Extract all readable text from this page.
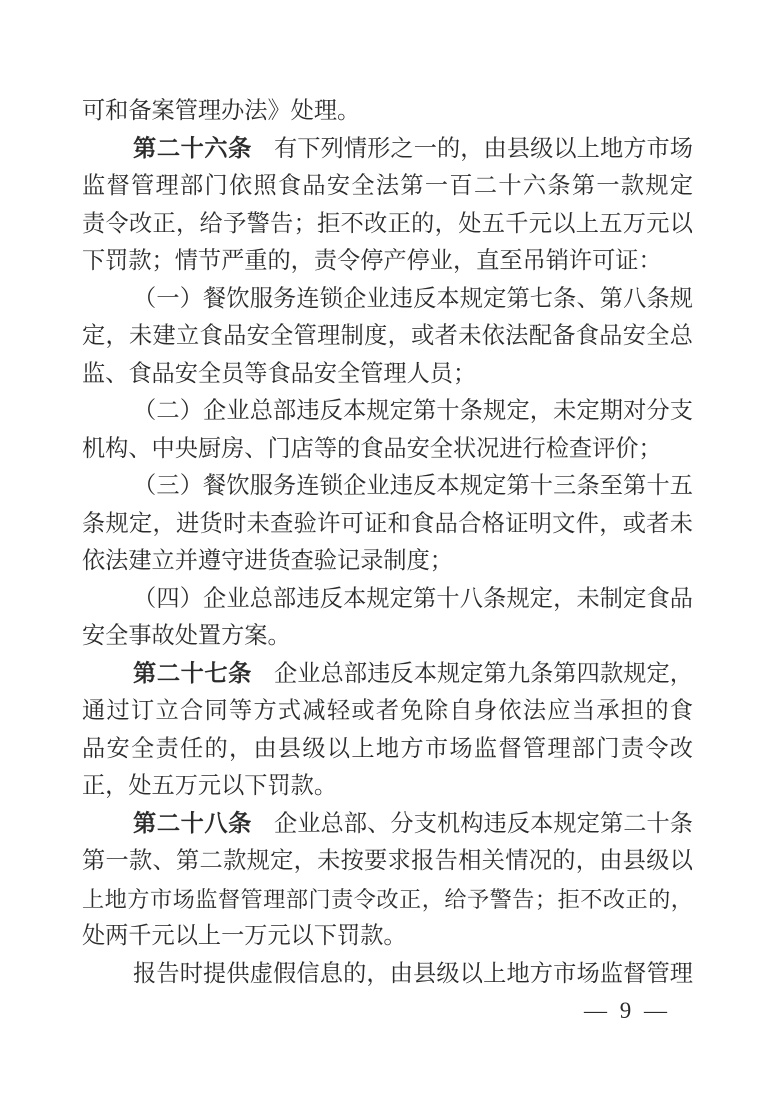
可和备案管理办法》处理。
第二十六条 有下列情形之一的，由县级以上地方市场
监督管理部门依照食品安全法第一百二十六条第一款规定
责令改正，给予警告；拒不改正的，处五千元以上五万元以
下罚款；情节严重的，责令停产停业，直至吊销许可证：
（一）餐饮服务连锁企业违反本规定第七条、第八条规
定，未建立食品安全管理制度，或者未依法配备食品安全总
监、食品安全员等食品安全管理人员；
（二）企业总部违反本规定第十条规定，未定期对分支
机构、中央厨房、门店等的食品安全状况进行检查评价；
（三）餐饮服务连锁企业违反本规定第十三条至第十五
条规定，进货时未查验许可证和食品合格证明文件，或者未
依法建立并遵守进货查验记录制度；
（四）企业总部违反本规定第十八条规定，未制定食品
安全事故处置方案。
第二十七条 企业总部违反本规定第九条第四款规定，
通过订立合同等方式减轻或者免除自身依法应当承担的食
品安全责任的，由县级以上地方市场监督管理部门责令改
正，处五万元以下罚款。
第二十八条 企业总部、分支机构违反本规定第二十条
第一款、第二款规定，未按要求报告相关情况的，由县级以
上地方市场监督管理部门责令改正，给予警告；拒不改正的，
处两千元以上一万元以下罚款。
报告时提供虚假信息的，由县级以上地方市场监督管理
— 9 —
